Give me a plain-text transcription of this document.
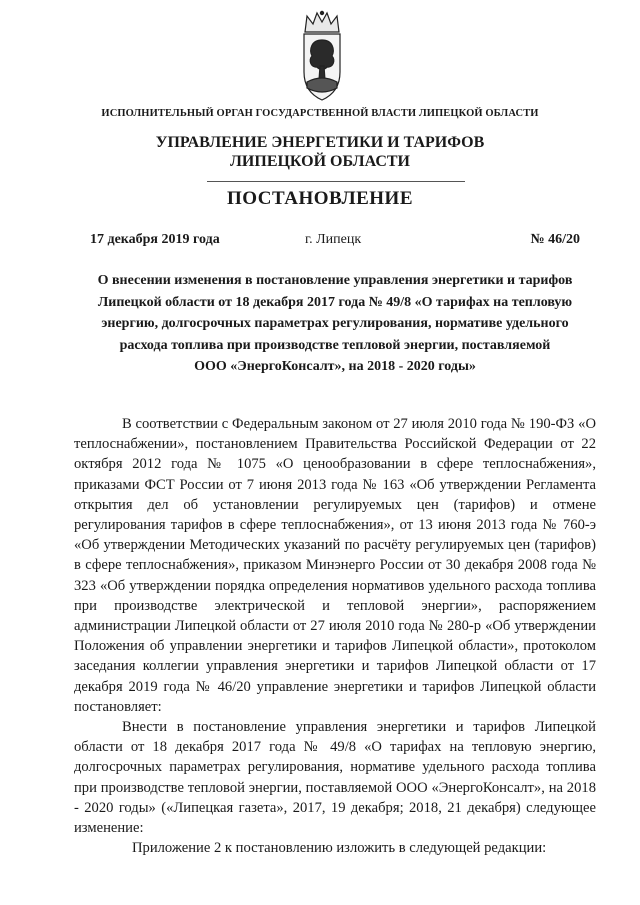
ИСПОЛНИТЕЛЬНЫЙ ОРГАН ГОСУДАРСТВЕННОЙ ВЛАСТИ ЛИПЕЦКОЙ ОБЛАСТИ
УПРАВЛЕНИЕ ЭНЕРГЕТИКИ И ТАРИФОВ
ЛИПЕЦКОЙ ОБЛАСТИ
ПОСТАНОВЛЕНИЕ
17 декабря 2019 года	г. Липецк	№ 46/20
О внесении изменения в постановление управления энергетики и тарифов
Липецкой области от 18 декабря 2017 года № 49/8 «О тарифах на тепловую
энергию, долгосрочных параметрах регулирования, нормативе удельного
расхода топлива при производстве тепловой энергии, поставляемой
ООО «ЭнергоКонсалт», на 2018 - 2020 годы»

В соответствии с Федеральным законом от 27 июля 2010 года № 190-ФЗ «О теплоснабжении», постановлением Правительства Российской Федерации от 22 октября 2012 года № 1075 «О ценообразовании в сфере теплоснабжения», приказами ФСТ России от 7 июня 2013 года № 163 «Об утверждении Регламента открытия дел об установлении регулируемых цен (тарифов) и отмене регулирования тарифов в сфере теплоснабжения», от 13 июня 2013 года № 760-э «Об утверждении Методических указаний по расчёту регулируемых цен (тарифов) в сфере теплоснабжения», приказом Минэнерго России от 30 декабря 2008 года № 323 «Об утверждении порядка определения нормативов удельного расхода топлива при производстве электрической и тепловой энергии», распоряжением администрации Липецкой области от 27 июля 2010 года № 280-р «Об утверждении Положения об управлении энергетики и тарифов Липецкой области», протоколом заседания коллегии управления энергетики и тарифов Липецкой области от 17 декабря 2019 года № 46/20 управление энергетики и тарифов Липецкой области постановляет:

Внести в постановление управления энергетики и тарифов Липецкой области от 18 декабря 2017 года № 49/8 «О тарифах на тепловую энергию, долгосрочных параметрах регулирования, нормативе удельного расхода топлива при производстве тепловой энергии, поставляемой ООО «ЭнергоКонсалт», на 2018 - 2020 годы» («Липецкая газета», 2017, 19 декабря; 2018, 21 декабря) следующее изменение:

Приложение 2 к постановлению изложить в следующей редакции:
